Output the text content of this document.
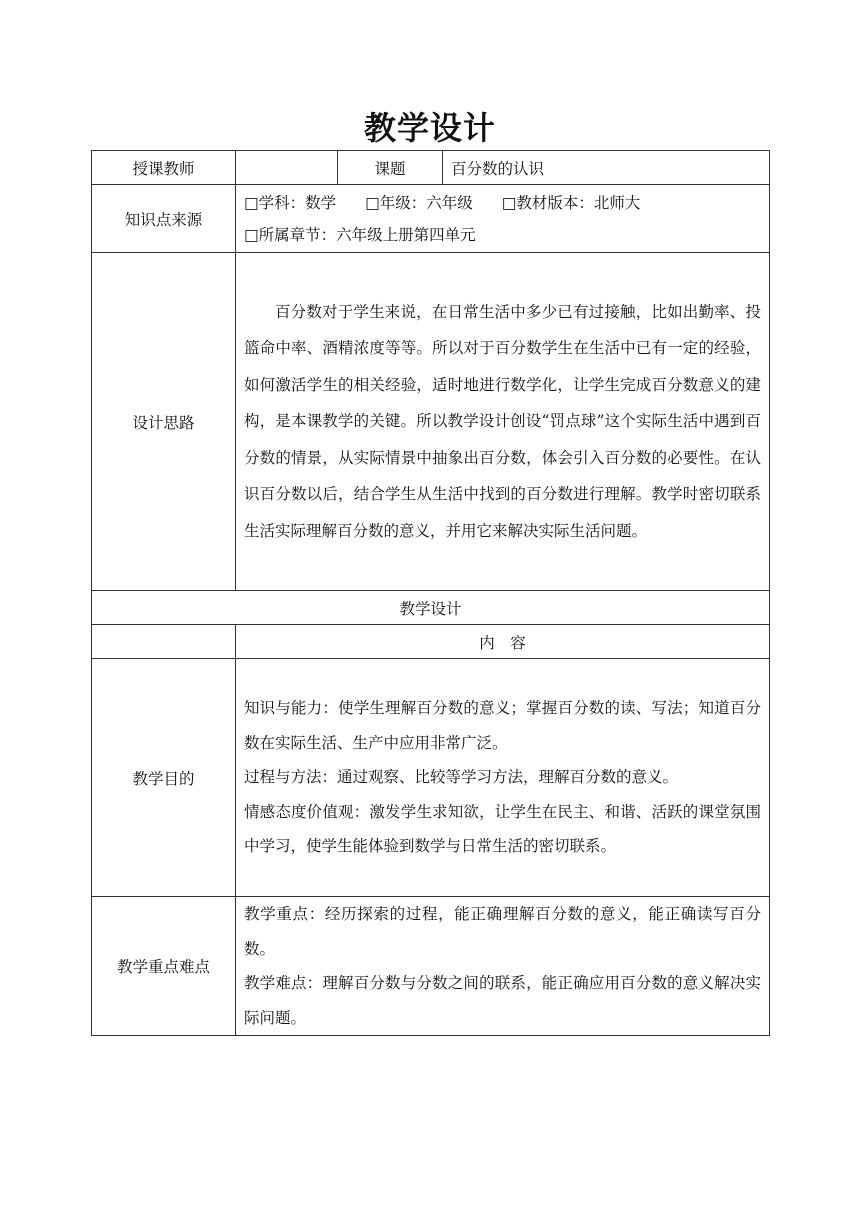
教学设计
授课教师		课题	百分数的认识
知识点来源	□学科：数学 □年级：六年级 □教材版本：北师大
□所属章节：六年级上册第四单元		

设计思路	百分数对于学生来说，在日常生活中多少已有过接触，比如出勤率、投篮命中率、酒精浓度等等。所以对于百分数学生在生活中已有一定的经验，如何激活学生的相关经验，适时地进行数学化，让学生完成百分数意义的建构，是本课教学的关键。所以教学设计创设“罚点球”这个实际生活中遇到百分数的情景，从实际情景中抽象出百分数，体会引入百分数的必要性。在认识百分数以后，结合学生从生活中找到的百分数进行理解。教学时密切联系生活实际理解百分数的意义，并用它来解决实际生活问题。		

教学设计			
	内　容		
教学目的	知识与能力：使学生理解百分数的意义；掌握百分数的读、写法；知道百分数在实际生活、生产中应用非常广泛。

过程与方法：通过观察、比较等学习方法，理解百分数的意义。

情感态度价值观：激发学生求知欲，让学生在民主、和谐、活跃的课堂氛围中学习，使学生能体验到数学与日常生活的密切联系。		

教学重点难点	教学重点：经历探索的过程，能正确理解百分数的意义，能正确读写百分数。

教学难点：理解百分数与分数之间的联系，能正确应用百分数的意义解决实际问题。		
